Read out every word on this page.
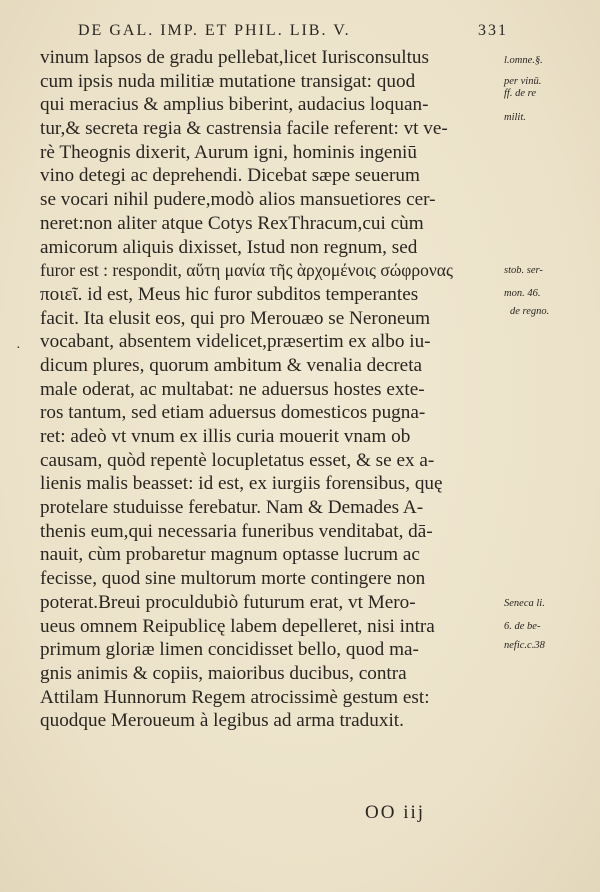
DE GAL. IMP. ET PHIL. LIB. V.	331
vinum lapsos de gradu pellebat,licet Iurisconsultus
cum ipsis nuda militiæ mutatione transigat: quod
qui meracius & amplius biberint, audacius loquan-
tur,& secreta regia & castrensia facile referent: vt ve-
rè Theognis dixerit, Aurum igni, hominis ingeniū
vino detegi ac deprehendi. Dicebat sæpe seuerum
se vocari nihil pudere,modò alios mansuetiores cer-
neret:non aliter atque Cotys RexThracum,cui cùm
amicorum aliquis dixisset, Istud non regnum, sed
furor est : respondit, αὕτη μανία τῆς ὰρχομένοις σώφρονας
ποιεῖ. id est, Meus hic furor subditos temperantes
facit. Ita elusit eos, qui pro Merouæo se Neroneum
vocabant, absentem videlicet,præsertim ex albo iu-
dicum plures, quorum ambitum & venalia decreta
male oderat, ac multabat: ne aduersus hostes exte-
ros tantum, sed etiam aduersus domesticos pugna-
ret: adeò vt vnum ex illis curia mouerit vnam ob
causam, quòd repentè locupletatus esset, & se ex a-
lienis malis beasset: id est, ex iurgiis forensibus, quę
protelare studuisse ferebatur. Nam & Demades A-
thenis eum,qui necessaria funeribus venditabat, dā-
nauit, cùm probaretur magnum optasse lucrum ac
fecisse, quod sine multorum morte contingere non
poterat.Breui proculdubiò futurum erat, vt Mero-
ueus omnem Reipublicę labem depelleret, nisi intra
primum gloriæ limen concidisset bello, quod ma-
gnis animis & copiis, maioribus ducibus, contra
Attilam Hunnorum Regem atrocissimè gestum est:
quodque Meroueum à legibus ad arma traduxit.
l.omne.§.
per vinū.
ff. de re
milit.
stob. ser-
mon. 46.
de regno.
Seneca li.
6. de be-
nefic.c.38
·
OO iij
